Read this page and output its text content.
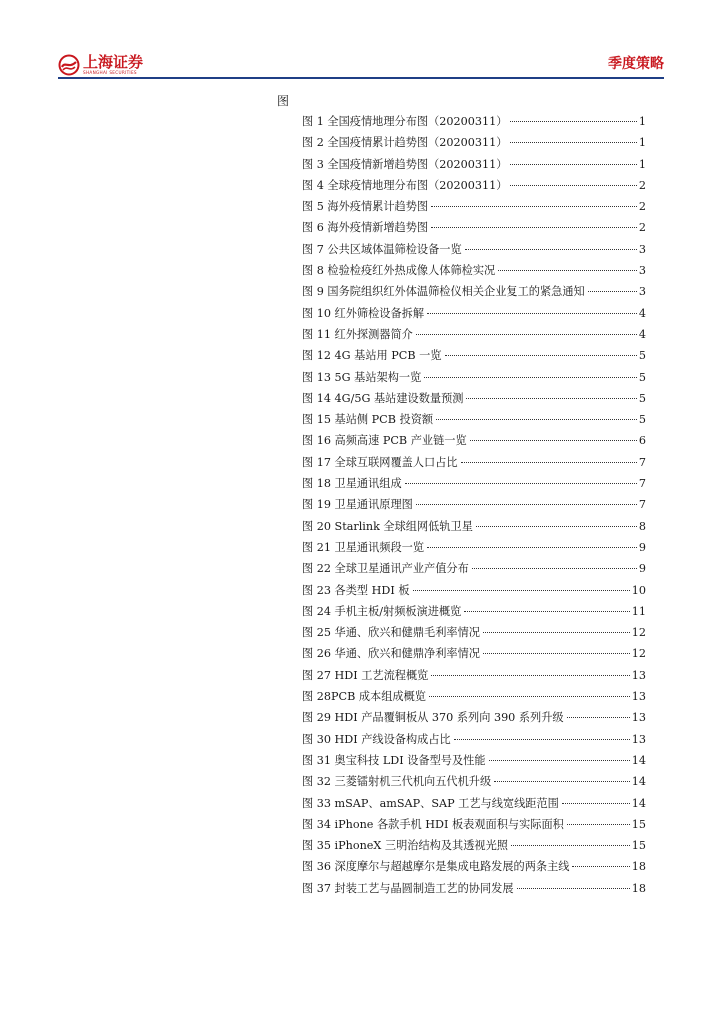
上海证券
SHANGHAI SECURITIES
季度策略
图
图 1 全国疫情地理分布图（20200311）	1
图 2 全国疫情累计趋势图（20200311）	1
图 3 全国疫情新增趋势图（20200311）	1
图 4 全球疫情地理分布图（20200311）	2
图 5 海外疫情累计趋势图	2
图 6 海外疫情新增趋势图	2
图 7 公共区域体温筛检设备一览	3
图 8 检验检疫红外热成像人体筛检实况	3
图 9 国务院组织红外体温筛检仪相关企业复工的紧急通知	3
图 10 红外筛检设备拆解	4
图 11 红外探测器简介	4
图 12 4G 基站用 PCB 一览	5
图 13 5G 基站架构一览	5
图 14 4G/5G 基站建设数量预测	5
图 15 基站侧 PCB 投资额	5
图 16 高频高速 PCB 产业链一览	6
图 17 全球互联网覆盖人口占比	7
图 18 卫星通讯组成	7
图 19 卫星通讯原理图	7
图 20 Starlink 全球组网低轨卫星	8
图 21 卫星通讯频段一览	9
图 22 全球卫星通讯产业产值分布	9
图 23 各类型 HDI 板	10
图 24 手机主板/射频板演进概览	11
图 25 华通、欣兴和健鼎毛利率情况	12
图 26 华通、欣兴和健鼎净利率情况	12
图 27 HDI 工艺流程概览	13
图 28PCB 成本组成概览	13
图 29 HDI 产品覆铜板从 370 系列向 390 系列升级	13
图 30 HDI 产线设备构成占比	13
图 31 奥宝科技 LDI 设备型号及性能	14
图 32 三菱镭射机三代机向五代机升级	14
图 33 mSAP、amSAP、SAP 工艺与线宽线距范围	14
图 34 iPhone 各款手机 HDI 板表观面积与实际面积	15
图 35 iPhoneX 三明治结构及其透视光照	15
图 36 深度摩尔与超越摩尔是集成电路发展的两条主线	18
图 37 封装工艺与晶圆制造工艺的协同发展	18
